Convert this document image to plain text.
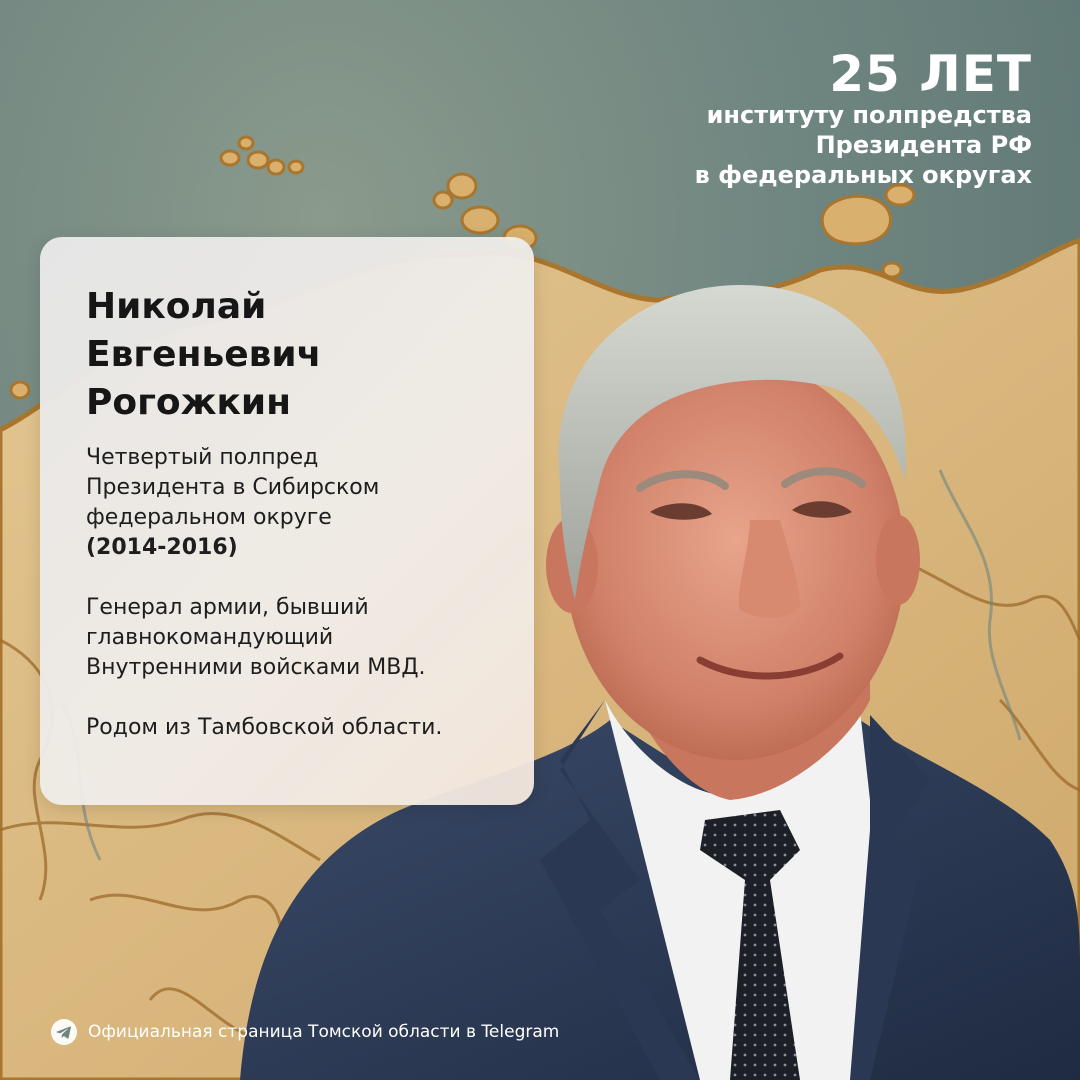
25 ЛЕТ
институту полпредства
Президента РФ
в федеральных округах
Николай
Евгеньевич
Рогожкин

Четвертый полпред
Президента в Сибирском
федеральном округе
(2014-2016)

Генерал армии, бывший
главнокомандующий
Внутренними войсками МВД.

Родом из Тамбовской области.

Официальная страница Томской области в Telegram
